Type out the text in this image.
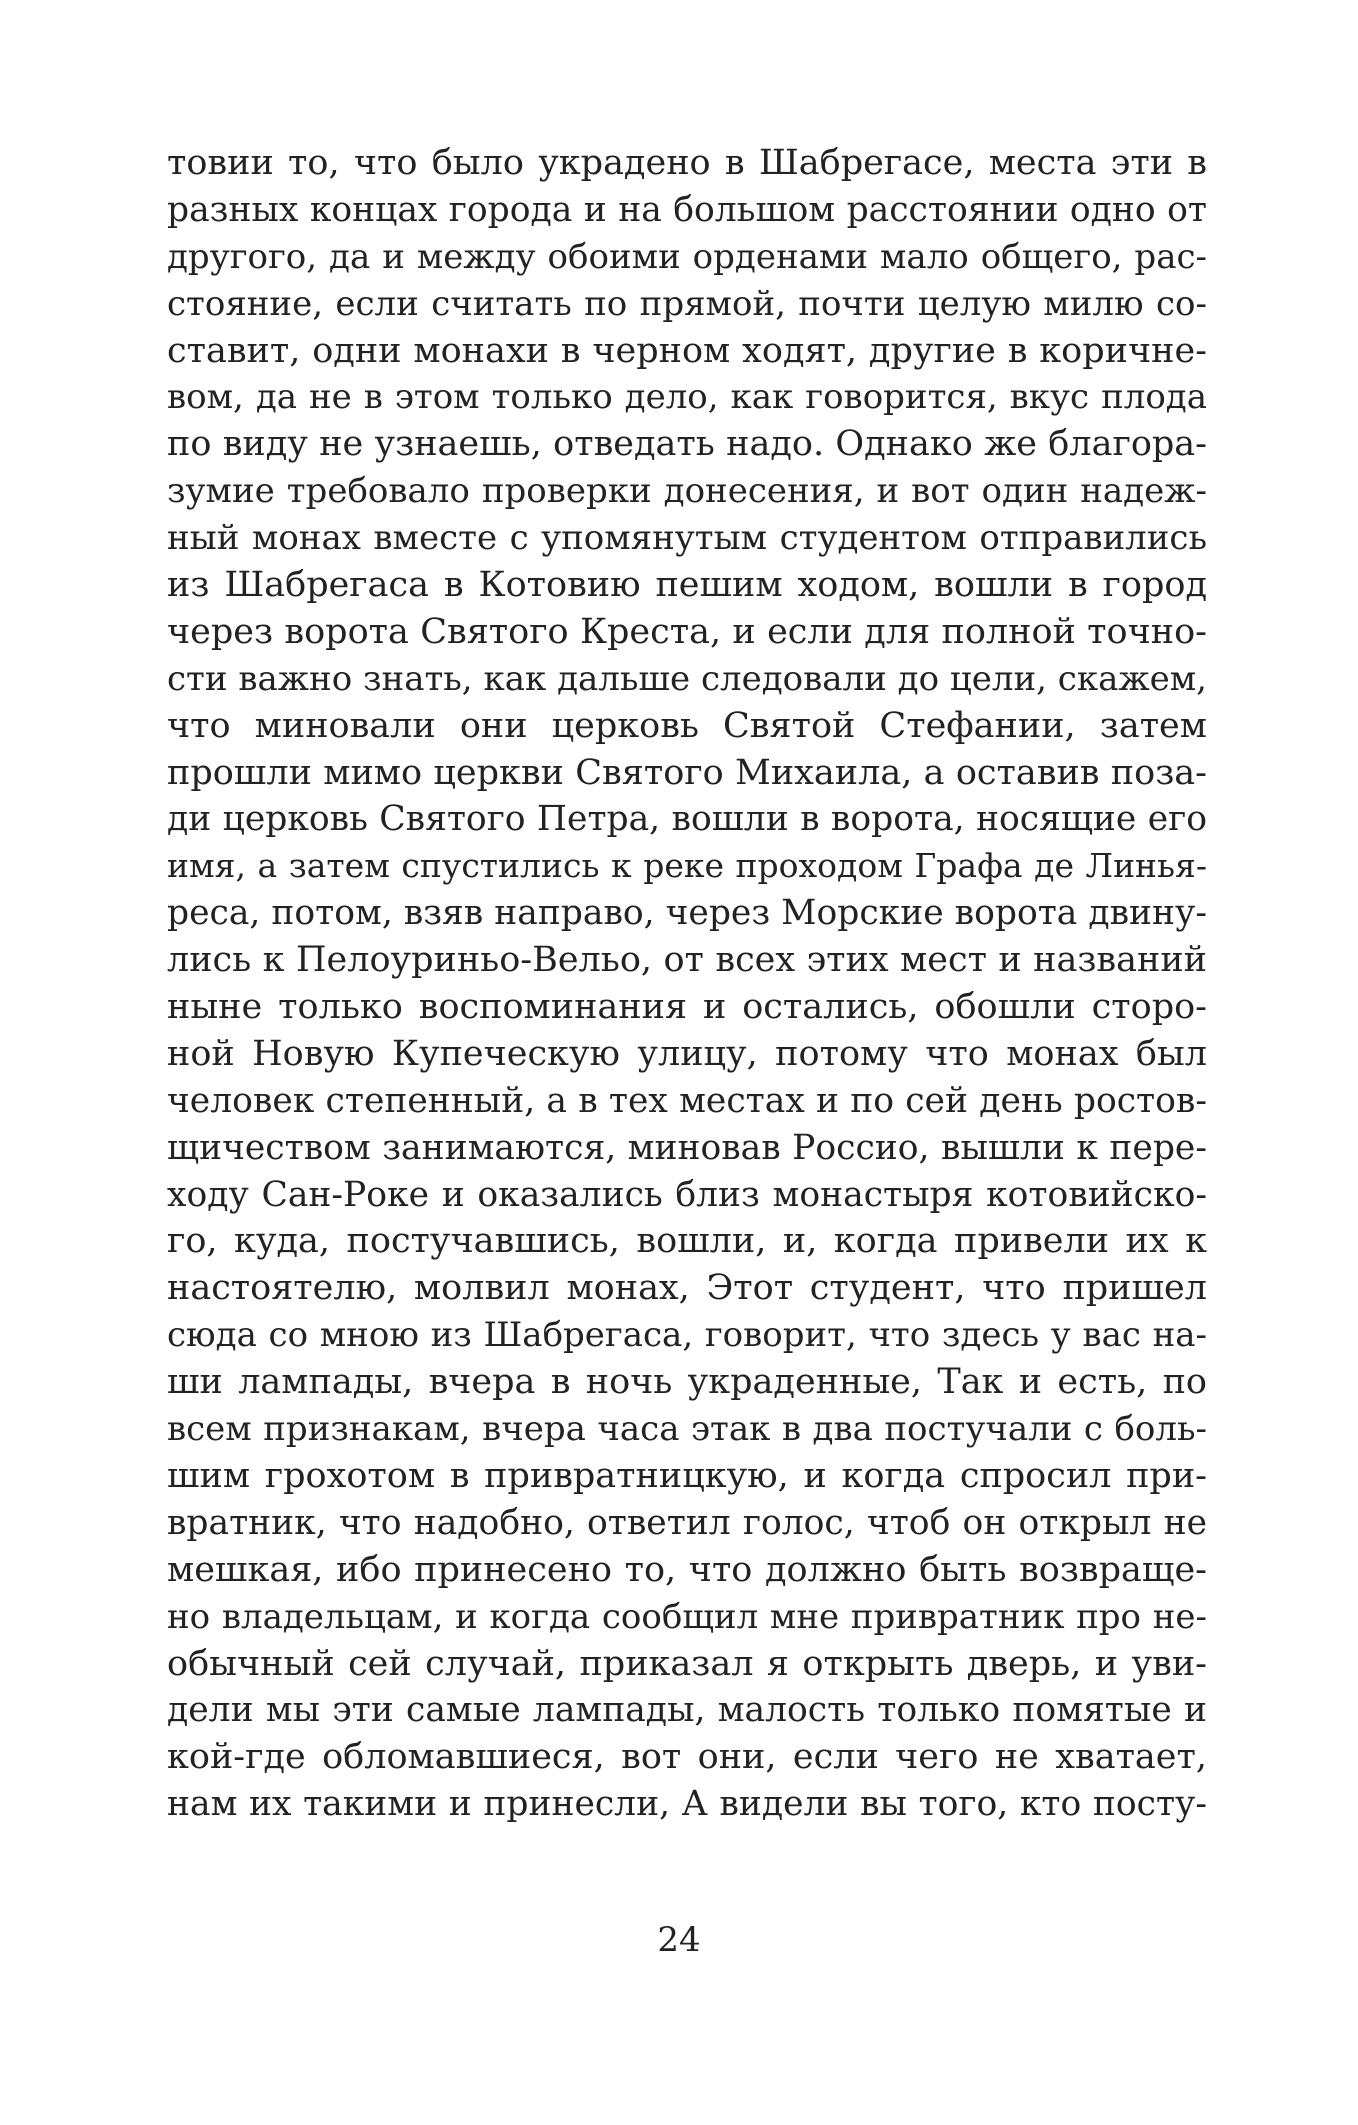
товии то, что было украдено в Шабрегасе, места эти в
разных концах города и на большом расстоянии одно от
другого, да и между обоими орденами мало общего, рас-
стояние, если считать по прямой, почти целую милю со-
ставит, одни монахи в черном ходят, другие в коричне-
вом, да не в этом только дело, как говорится, вкус плода
по виду не узнаешь, отведать надо. Однако же благора-
зумие требовало проверки донесения, и вот один надеж-
ный монах вместе с упомянутым студентом отправились
из Шабрегаса в Котовию пешим ходом, вошли в город
через ворота Святого Креста, и если для полной точно-
сти важно знать, как дальше следовали до цели, скажем,
что миновали они церковь Святой Стефании, затем
прошли мимо церкви Святого Михаила, а оставив поза-
ди церковь Святого Петра, вошли в ворота, носящие его
имя, а затем спустились к реке проходом Графа де Линья-
реса, потом, взяв направо, через Морские ворота двину-
лись к Пелоуриньо-Вельо, от всех этих мест и названий
ныне только воспоминания и остались, обошли сторо-
ной Новую Купеческую улицу, потому что монах был
человек степенный, а в тех местах и по сей день ростов-
щичеством занимаются, миновав Россио, вышли к пере-
ходу Сан-Роке и оказались близ монастыря котовийско-
го, куда, постучавшись, вошли, и, когда привели их к
настоятелю, молвил монах, Этот студент, что пришел
сюда со мною из Шабрегаса, говорит, что здесь у вас на-
ши лампады, вчера в ночь украденные, Так и есть, по
всем признакам, вчера часа этак в два постучали с боль-
шим грохотом в привратницкую, и когда спросил при-
вратник, что надобно, ответил голос, чтоб он открыл не
мешкая, ибо принесено то, что должно быть возвраще-
но владельцам, и когда сообщил мне привратник про не-
обычный сей случай, приказал я открыть дверь, и уви-
дели мы эти самые лампады, малость только помятые и
кой-где обломавшиеся, вот они, если чего не хватает,
нам их такими и принесли, А видели вы того, кто посту-
24
